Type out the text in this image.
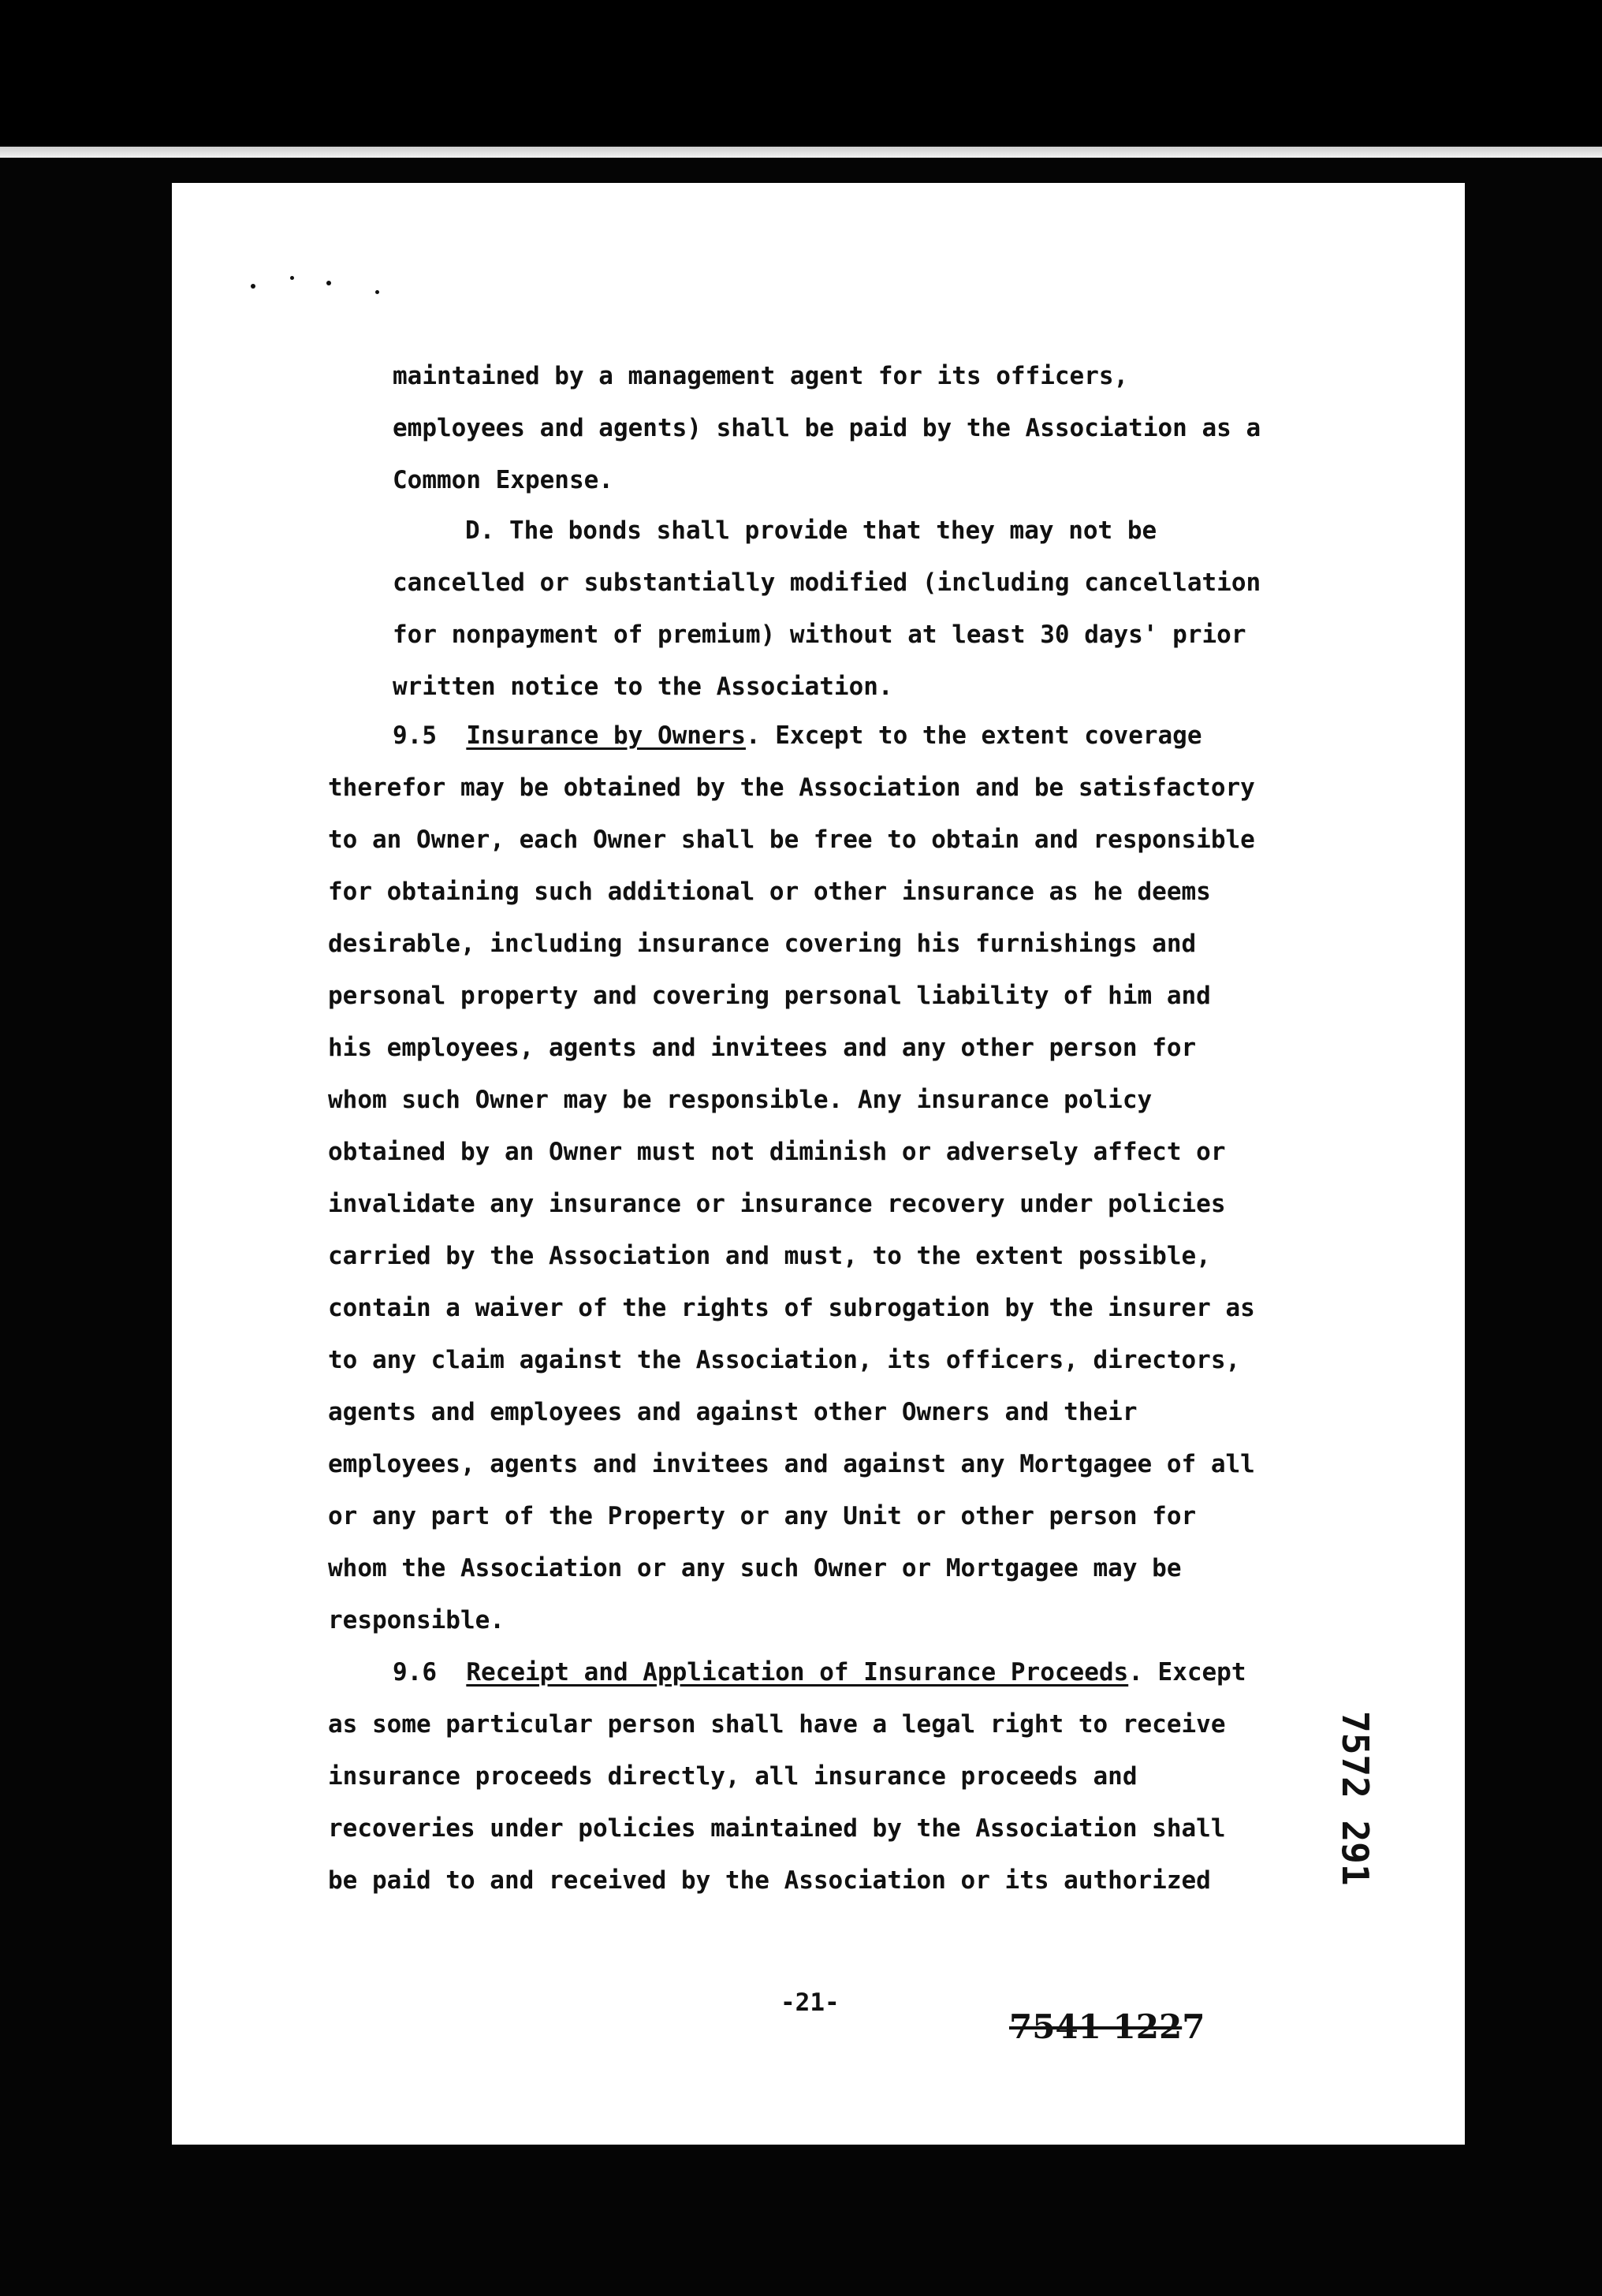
maintained by a management agent for its officers,
employees and agents) shall be paid by the Association as a
Common Expense.
D. The bonds shall provide that they may not be
cancelled or substantially modified (including cancellation
for nonpayment of premium) without at least 30 days' prior
written notice to the Association.
9.5 Insurance by Owners. Except to the extent coverage
therefor may be obtained by the Association and be satisfactory
to an Owner, each Owner shall be free to obtain and responsible
for obtaining such additional or other insurance as he deems
desirable, including insurance covering his furnishings and
personal property and covering personal liability of him and
his employees, agents and invitees and any other person for
whom such Owner may be responsible. Any insurance policy
obtained by an Owner must not diminish or adversely affect or
invalidate any insurance or insurance recovery under policies
carried by the Association and must, to the extent possible,
contain a waiver of the rights of subrogation by the insurer as
to any claim against the Association, its officers, directors,
agents and employees and against other Owners and their
employees, agents and invitees and against any Mortgagee of all
or any part of the Property or any Unit or other person for
whom the Association or any such Owner or Mortgagee may be
responsible.
9.6 Receipt and Application of Insurance Proceeds. Except
as some particular person shall have a legal right to receive
insurance proceeds directly, all insurance proceeds and
recoveries under policies maintained by the Association shall
be paid to and received by the Association or its authorized
-21-
7541 1227
7572 291
